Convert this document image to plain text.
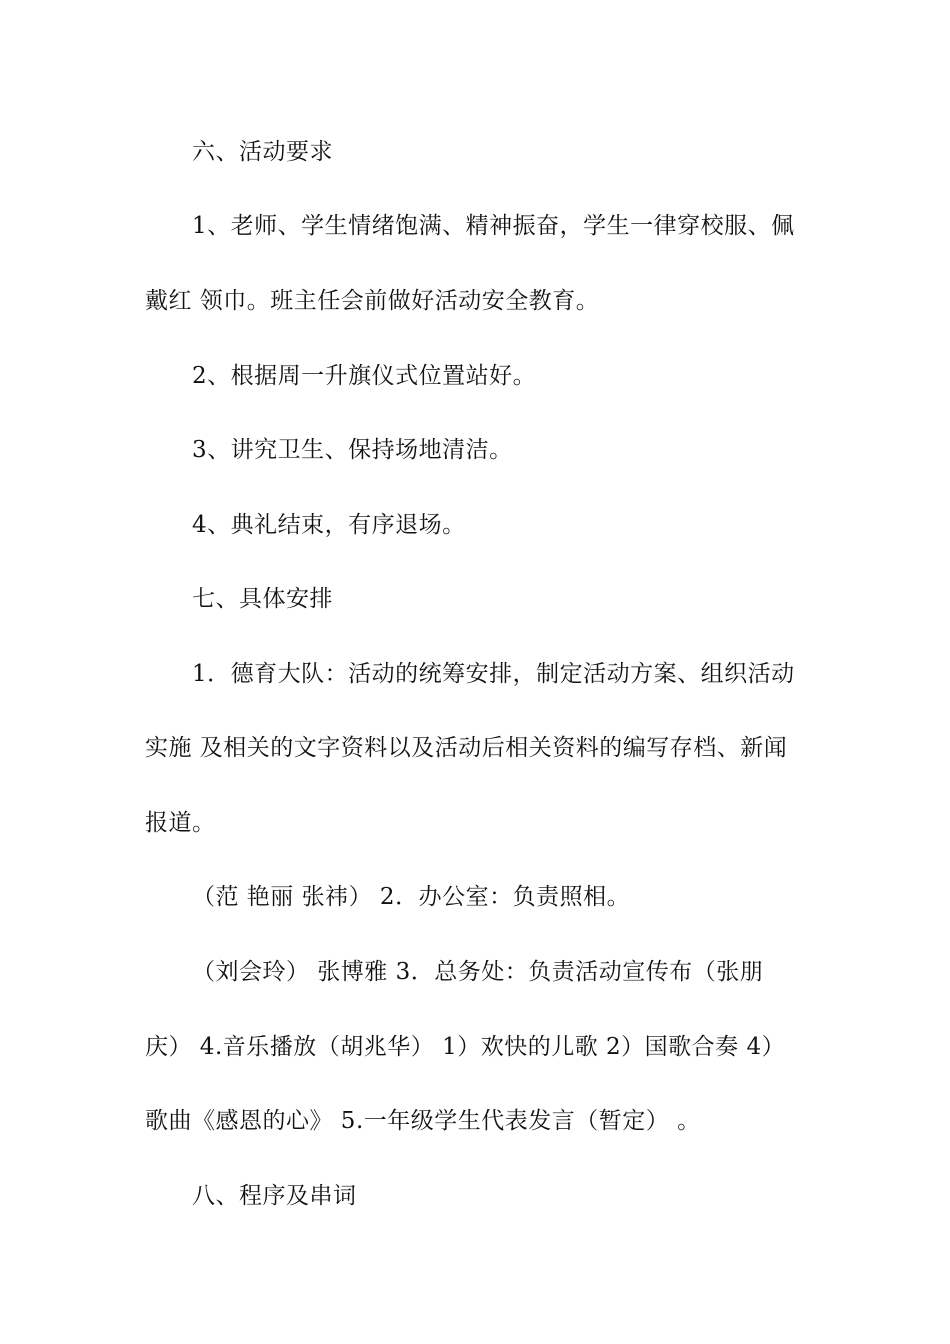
六、活动要求
1、老师、学生情绪饱满、精神振奋，学生一律穿校服、佩
戴红 领巾。班主任会前做好活动安全教育。
2、根据周一升旗仪式位置站好。
3、讲究卫生、保持场地清洁。
4、典礼结束，有序退场。
七、具体安排
1．德育大队：活动的统筹安排，制定活动方案、组织活动
实施 及相关的文字资料以及活动后相关资料的编写存档、新闻
报道。
（范 艳丽 张祎） 2．办公室：负责照相。
（刘会玲） 张博雅 3．总务处：负责活动宣传布（张朋
庆） 4.音乐播放（胡兆华） 1）欢快的儿歌 2）国歌合奏 4）
歌曲《感恩的心》 5.一年级学生代表发言（暂定） 。
八、程序及串词
